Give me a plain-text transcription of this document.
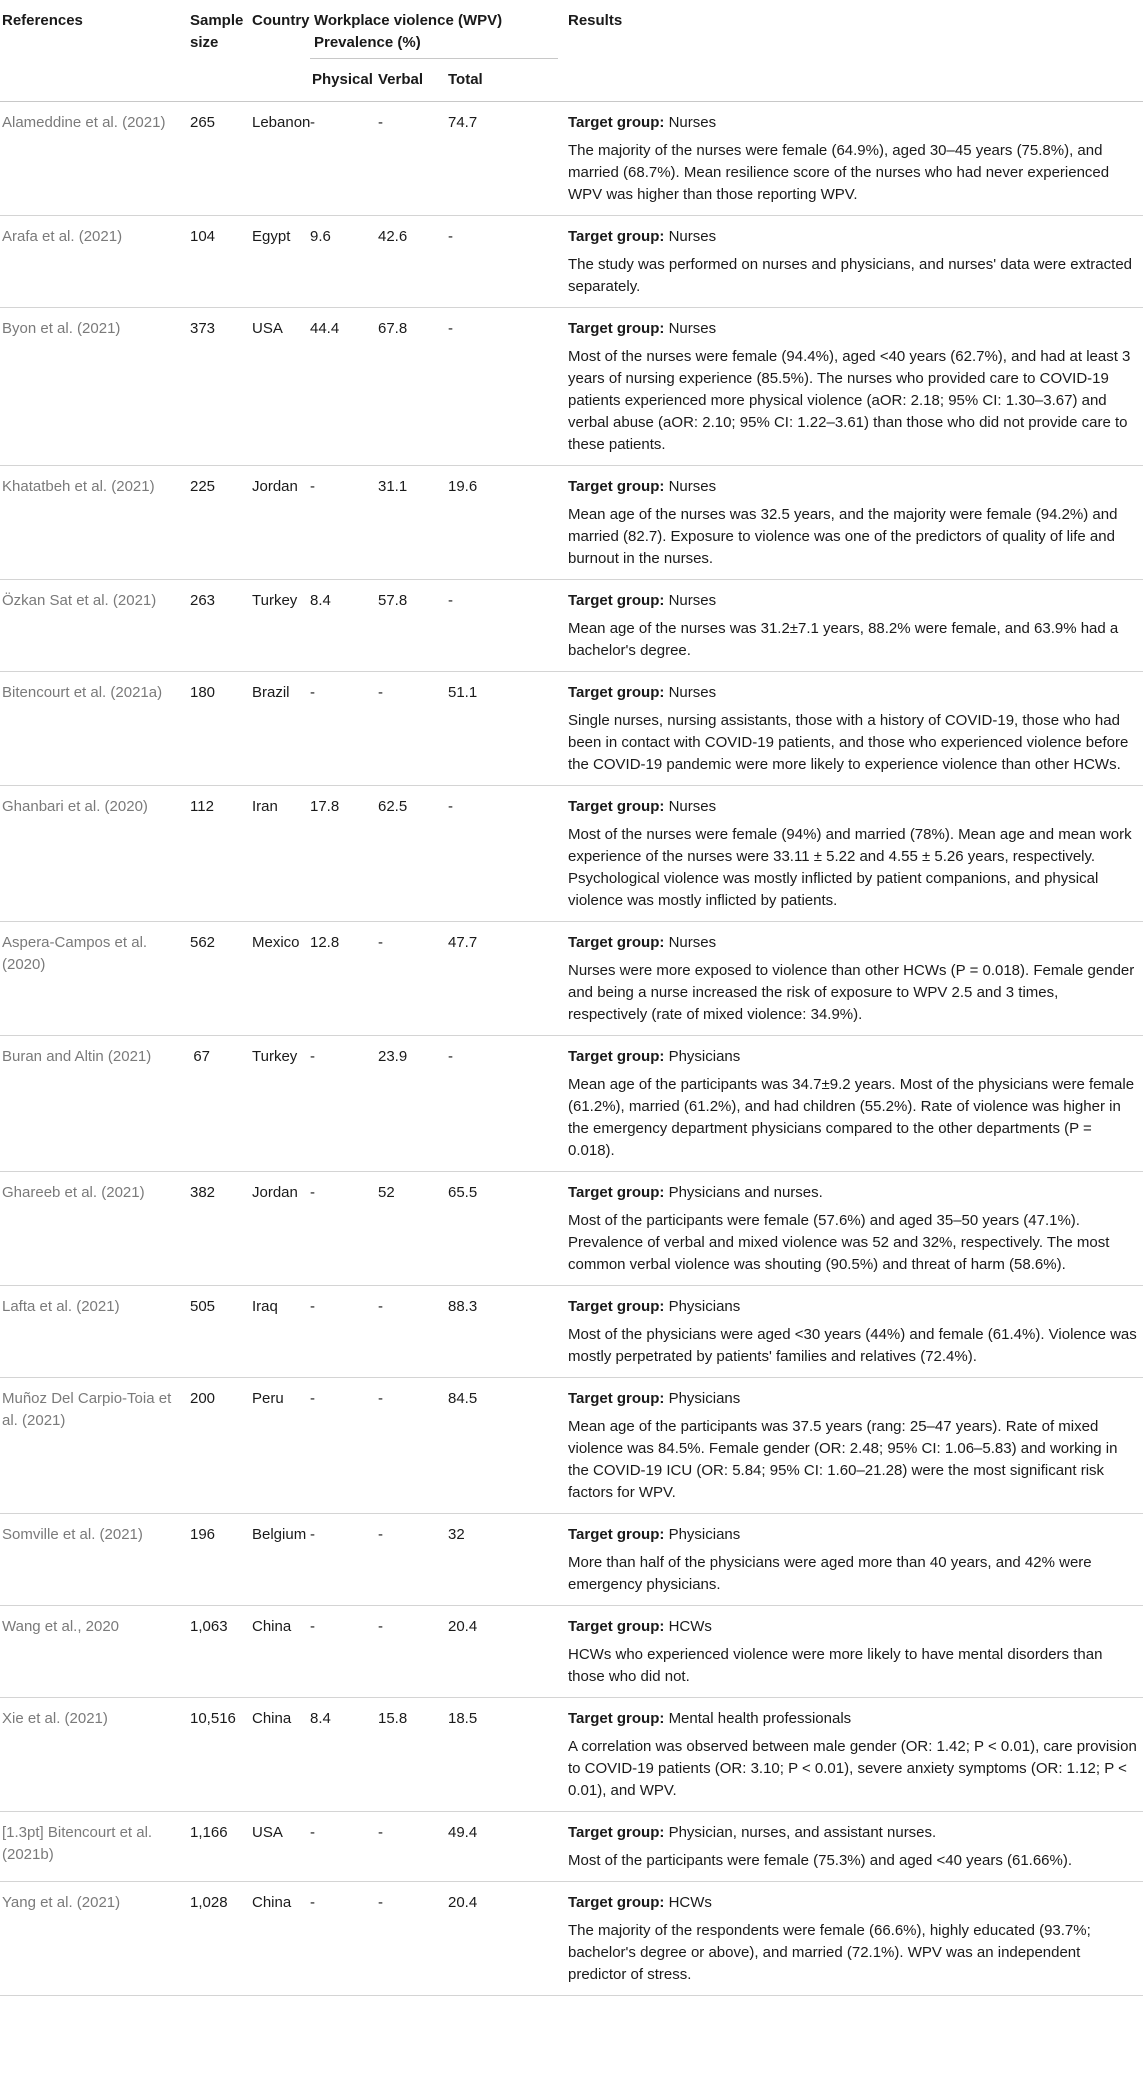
References	Sample size	Country	Workplace violence (WPV) Prevalence (%)			Results
			Physical	Verbal	Total	
Alameddine et al. (2021)	265	Lebanon	-	-	74.7	Target group: Nurses
The majority of the nurses were female (64.9%), aged 30–45 years (75.8%), and married (68.7%). Mean resilience score of the nurses who had never experienced WPV was higher than those reporting WPV.

Arafa et al. (2021)	104	Egypt	9.6	42.6	-	Target group: Nurses
The study was performed on nurses and physicians, and nurses' data were extracted separately.

Byon et al. (2021)	373	USA	44.4	67.8	-	Target group: Nurses
Most of the nurses were female (94.4%), aged <40 years (62.7%), and had at least 3 years of nursing experience (85.5%). The nurses who provided care to COVID-19 patients experienced more physical violence (aOR: 2.18; 95% CI: 1.30–3.67) and verbal abuse (aOR: 2.10; 95% CI: 1.22–3.61) than those who did not provide care to these patients.

Khatatbeh et al. (2021)	225	Jordan	-	31.1	19.6	Target group: Nurses
Mean age of the nurses was 32.5 years, and the majority were female (94.2%) and married (82.7). Exposure to violence was one of the predictors of quality of life and burnout in the nurses.

Özkan Sat et al. (2021)	263	Turkey	8.4	57.8	-	Target group: Nurses
Mean age of the nurses was 31.2±7.1 years, 88.2% were female, and 63.9% had a bachelor's degree.

Bitencourt et al. (2021a)	180	Brazil	-	-	51.1	Target group: Nurses
Single nurses, nursing assistants, those with a history of COVID-19, those who had been in contact with COVID-19 patients, and those who experienced violence before the COVID-19 pandemic were more likely to experience violence than other HCWs.

Ghanbari et al. (2020)	112	Iran	17.8	62.5	-	Target group: Nurses
Most of the nurses were female (94%) and married (78%). Mean age and mean work experience of the nurses were 33.11 ± 5.22 and 4.55 ± 5.26 years, respectively. Psychological violence was mostly inflicted by patient companions, and physical violence was mostly inflicted by patients.

Aspera-Campos et al. (2020)	562	Mexico	12.8	-	47.7	Target group: Nurses
Nurses were more exposed to violence than other HCWs (P = 0.018). Female gender and being a nurse increased the risk of exposure to WPV 2.5 and 3 times, respectively (rate of mixed violence: 34.9%).

Buran and Altin (2021)	67	Turkey	-	23.9	-	Target group: Physicians
Mean age of the participants was 34.7±9.2 years. Most of the physicians were female (61.2%), married (61.2%), and had children (55.2%). Rate of violence was higher in the emergency department physicians compared to the other departments (P = 0.018).

Ghareeb et al. (2021)	382	Jordan	-	52	65.5	Target group: Physicians and nurses.
Most of the participants were female (57.6%) and aged 35–50 years (47.1%). Prevalence of verbal and mixed violence was 52 and 32%, respectively. The most common verbal violence was shouting (90.5%) and threat of harm (58.6%).

Lafta et al. (2021)	505	Iraq	-	-	88.3	Target group: Physicians
Most of the physicians were aged <30 years (44%) and female (61.4%). Violence was mostly perpetrated by patients' families and relatives (72.4%).

Muñoz Del Carpio-Toia et al. (2021)	200	Peru	-	-	84.5	Target group: Physicians
Mean age of the participants was 37.5 years (rang: 25–47 years). Rate of mixed violence was 84.5%. Female gender (OR: 2.48; 95% CI: 1.06–5.83) and working in the COVID-19 ICU (OR: 5.84; 95% CI: 1.60–21.28) were the most significant risk factors for WPV.

Somville et al. (2021)	196	Belgium	-	-	32	Target group: Physicians
More than half of the physicians were aged more than 40 years, and 42% were emergency physicians.

Wang et al., 2020	1,063	China	-	-	20.4	Target group: HCWs
HCWs who experienced violence were more likely to have mental disorders than those who did not.

Xie et al. (2021)	10,516	China	8.4	15.8	18.5	Target group: Mental health professionals
A correlation was observed between male gender (OR: 1.42; P < 0.01), care provision to COVID-19 patients (OR: 3.10; P < 0.01), severe anxiety symptoms (OR: 1.12; P < 0.01), and WPV.

[1.3pt] Bitencourt et al. (2021b)	1,166	USA	-	-	49.4	Target group: Physician, nurses, and assistant nurses.
Most of the participants were female (75.3%) and aged <40 years (61.66%).

Yang et al. (2021)	1,028	China	-	-	20.4	Target group: HCWs
The majority of the respondents were female (66.6%), highly educated (93.7%; bachelor's degree or above), and married (72.1%). WPV was an independent predictor of stress.
